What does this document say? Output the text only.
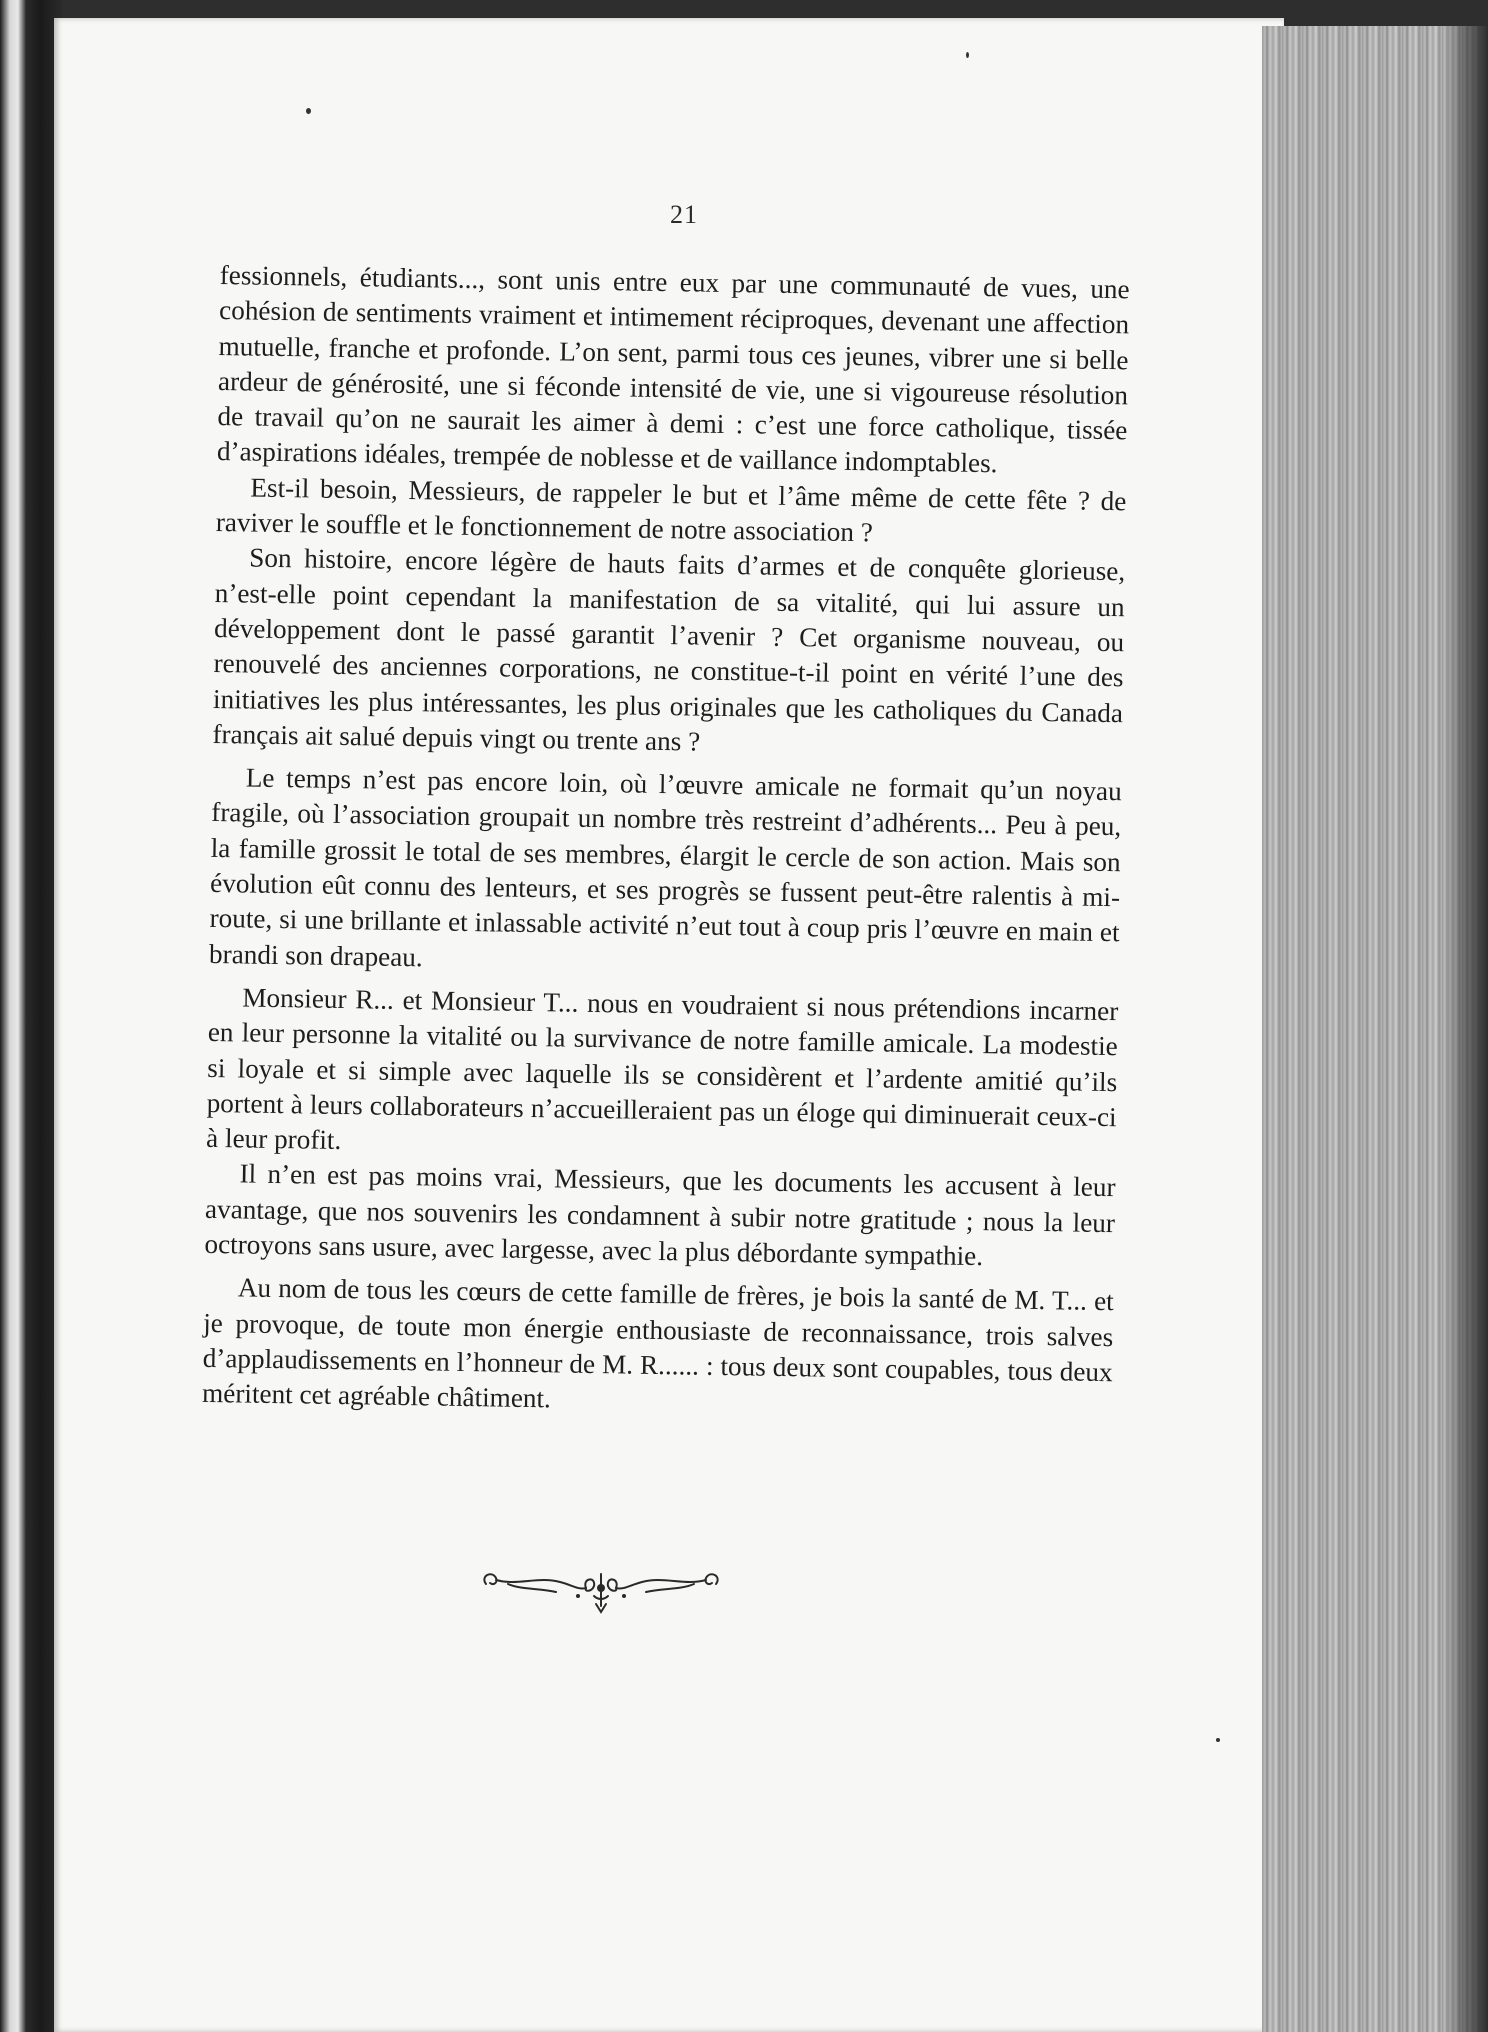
21

fessionnels, étudiants..., sont unis entre eux par une communauté de vues, une cohésion de sentiments vraiment et intimement réciproques, devenant une affection mutuelle, franche et profonde. L’on sent, parmi tous ces jeunes, vibrer une si belle ardeur de générosité, une si féconde intensité de vie, une si vigoureuse résolution de travail qu’on ne saurait les aimer à demi : c’est une force catholique, tissée d’aspirations idéales, trempée de noblesse et de vaillance indomptables.

Est-il besoin, Messieurs, de rappeler le but et l’âme même de cette fête ? de raviver le souffle et le fonctionnement de notre association ?

Son histoire, encore légère de hauts faits d’armes et de conquête glorieuse, n’est-elle point cependant la manifestation de sa vitalité, qui lui assure un développement dont le passé garantit l’avenir ? Cet organisme nouveau, ou renouvelé des anciennes corporations, ne constitue-t-il point en vérité l’une des initiatives les plus intéressantes, les plus originales que les catholiques du Canada français ait salué depuis vingt ou trente ans ?

Le temps n’est pas encore loin, où l’œuvre amicale ne formait qu’un noyau fragile, où l’association groupait un nombre très restreint d’adhérents... Peu à peu, la famille grossit le total de ses membres, élargit le cercle de son action. Mais son évolution eût connu des lenteurs, et ses progrès se fussent peut-être ralentis à mi-route, si une brillante et inlassable activité n’eut tout à coup pris l’œuvre en main et brandi son drapeau.

Monsieur R... et Monsieur T... nous en voudraient si nous prétendions incarner en leur personne la vitalité ou la survivance de notre famille amicale. La modestie si loyale et si simple avec laquelle ils se considèrent et l’ardente amitié qu’ils portent à leurs collaborateurs n’accueilleraient pas un éloge qui diminuerait ceux-ci à leur profit.

Il n’en est pas moins vrai, Messieurs, que les documents les accusent à leur avantage, que nos souvenirs les condamnent à subir notre gratitude ; nous la leur octroyons sans usure, avec largesse, avec la plus débordante sympathie.

Au nom de tous les cœurs de cette famille de frères, je bois la santé de M. T... et je provoque, de toute mon énergie enthousiaste de reconnaissance, trois salves d’applaudissements en l’honneur de M. R...... : tous deux sont coupables, tous deux méritent cet agréable châtiment.
